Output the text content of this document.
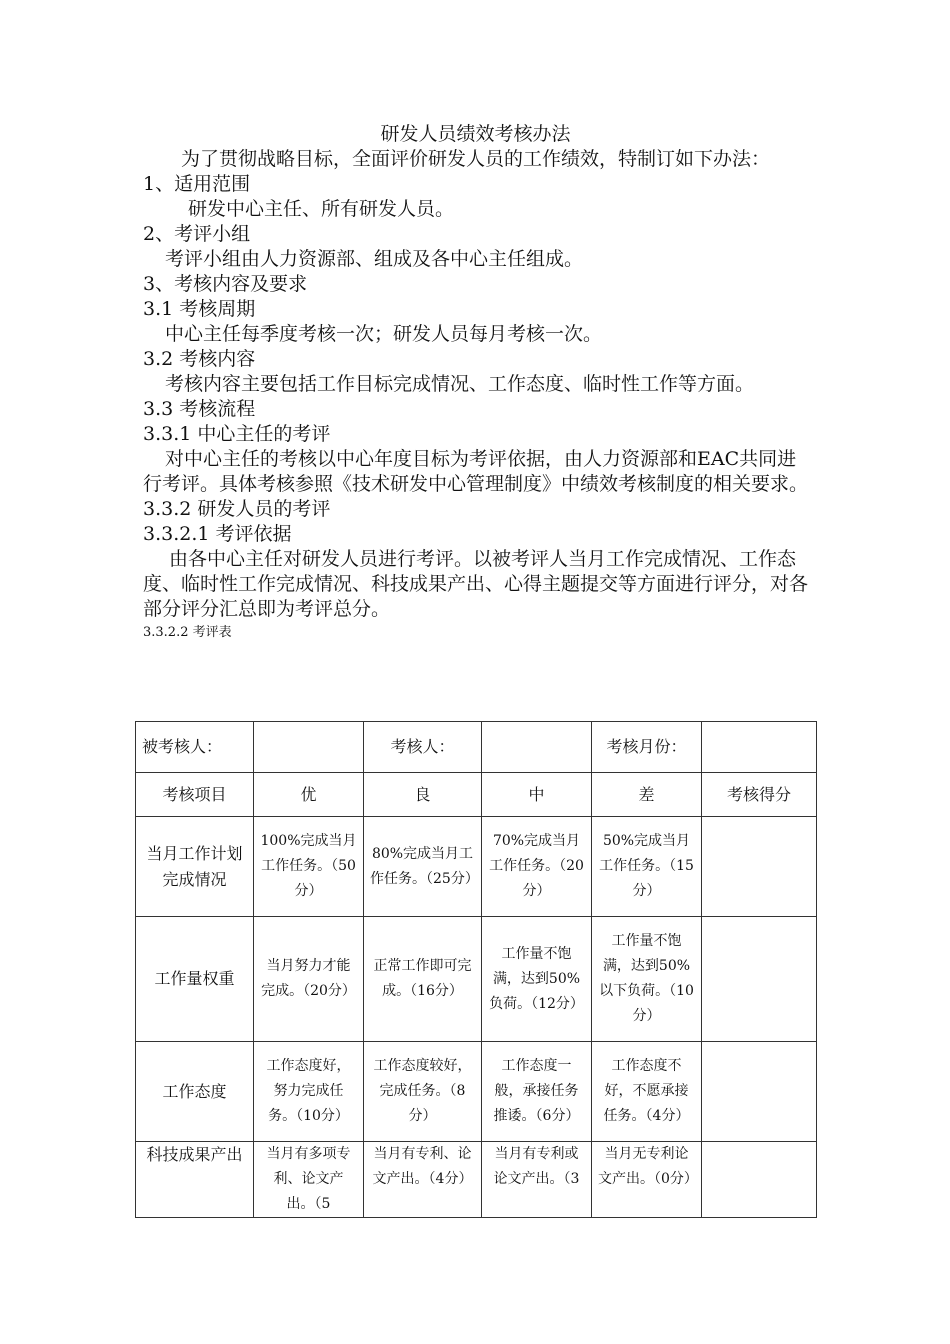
研发人员绩效考核办法

为了贯彻战略目标，全面评价研发人员的工作绩效，特制订如下办法：

1、适用范围

研发中心主任、所有研发人员。

2、考评小组

考评小组由人力资源部、组成及各中心主任组成。

3、考核内容及要求

3.1 考核周期

中心主任每季度考核一次；研发人员每月考核一次。

3.2 考核内容

考核内容主要包括工作目标完成情况、工作态度、临时性工作等方面。

3.3 考核流程

3.3.1 中心主任的考评

对中心主任的考核以中心年度目标为考评依据，由人力资源部和EAC共同进行考评。具体考核参照《技术研发中心管理制度》中绩效考核制度的相关要求。

3.3.2 研发人员的考评

3.3.2.1 考评依据

由各中心主任对研发人员进行考评。以被考评人当月工作完成情况、工作态度、临时性工作完成情况、科技成果产出、心得主题提交等方面进行评分，对各部分评分汇总即为考评总分。

3.3.2.2 考评表

被考核人：		考核人：		考核月份：	
考核项目	优	良	中	差	考核得分
当月工作计划完成情况	100%完成当月工作任务。（50分）	80%完成当月工作任务。（25分）	70%完成当月工作任务。（20分）	50%完成当月工作任务。（15分）	
工作量权重	当月努力才能完成。（20分）	正常工作即可完成。（16分）	工作量不饱满，达到50%负荷。（12分）	工作量不饱满，达到50%以下负荷。（10分）	
工作态度	工作态度好，努力完成任务。（10分）	工作态度较好，完成任务。（8分）	工作态度一般，承接任务推诿。（6分）	工作态度不好，不愿承接任务。（4分）	
科技成果产出	当月有多项专利、论文产出。（5	当月有专利、论文产出。（4分）	当月有专利或论文产出。（3	当月无专利论文产出。（0分）	
